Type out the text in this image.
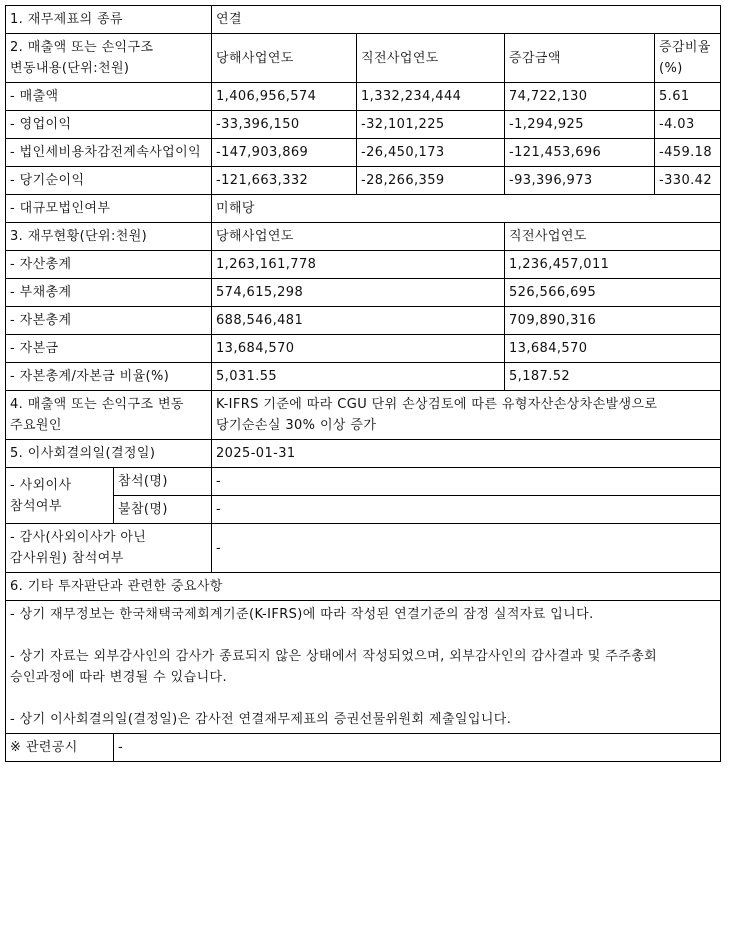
1. 재무제표의 종류		연결			
2. 매출액 또는 손익구조 변동내용(단위:천원)		당해사업연도	직전사업연도	증감금액	증감비율(%)
- 매출액		1,406,956,574	1,332,234,444	74,722,130	5.61
- 영업이익		-33,396,150	-32,101,225	-1,294,925	-4.03
- 법인세비용차감전계속사업이익		-147,903,869	-26,450,173	-121,453,696	-459.18
- 당기순이익		-121,663,332	-28,266,359	-93,396,973	-330.42
- 대규모법인여부		미해당			
3. 재무현황(단위:천원)		당해사업연도		직전사업연도	
- 자산총계		1,263,161,778		1,236,457,011	
- 부채총계		574,615,298		526,566,695	
- 자본총계		688,546,481		709,890,316	
- 자본금		13,684,570		13,684,570	
- 자본총계/자본금 비율(%)		5,031.55		5,187.52	
4. 매출액 또는 손익구조 변동 주요원인		K-IFRS 기준에 따라 CGU 단위 손상검토에 따른 유형자산손상차손발생으로 당기순손실 30% 이상 증가			
5. 이사회결의일(결정일)		2025-01-31			
- 사외이사 참석여부	참석(명)	-			
	불참(명)	-			
- 감사(사외이사가 아닌 감사위원) 참석여부		-			
6. 기타 투자판단과 관련한 중요사항					
- 상기 재무정보는 한국채택국제회계기준(K-IFRS)에 따라 작성된 연결기준의 잠정 실적자료 입니다.

- 상기 자료는 외부감사인의 감사가 종료되지 않은 상태에서 작성되었으며, 외부감사인의 감사결과 및 주주총회 승인과정에 따라 변경될 수 있습니다.

- 상기 이사회결의일(결정일)은 감사전 연결재무제표의 증권선물위원회 제출일입니다.					
※ 관련공시	-				
